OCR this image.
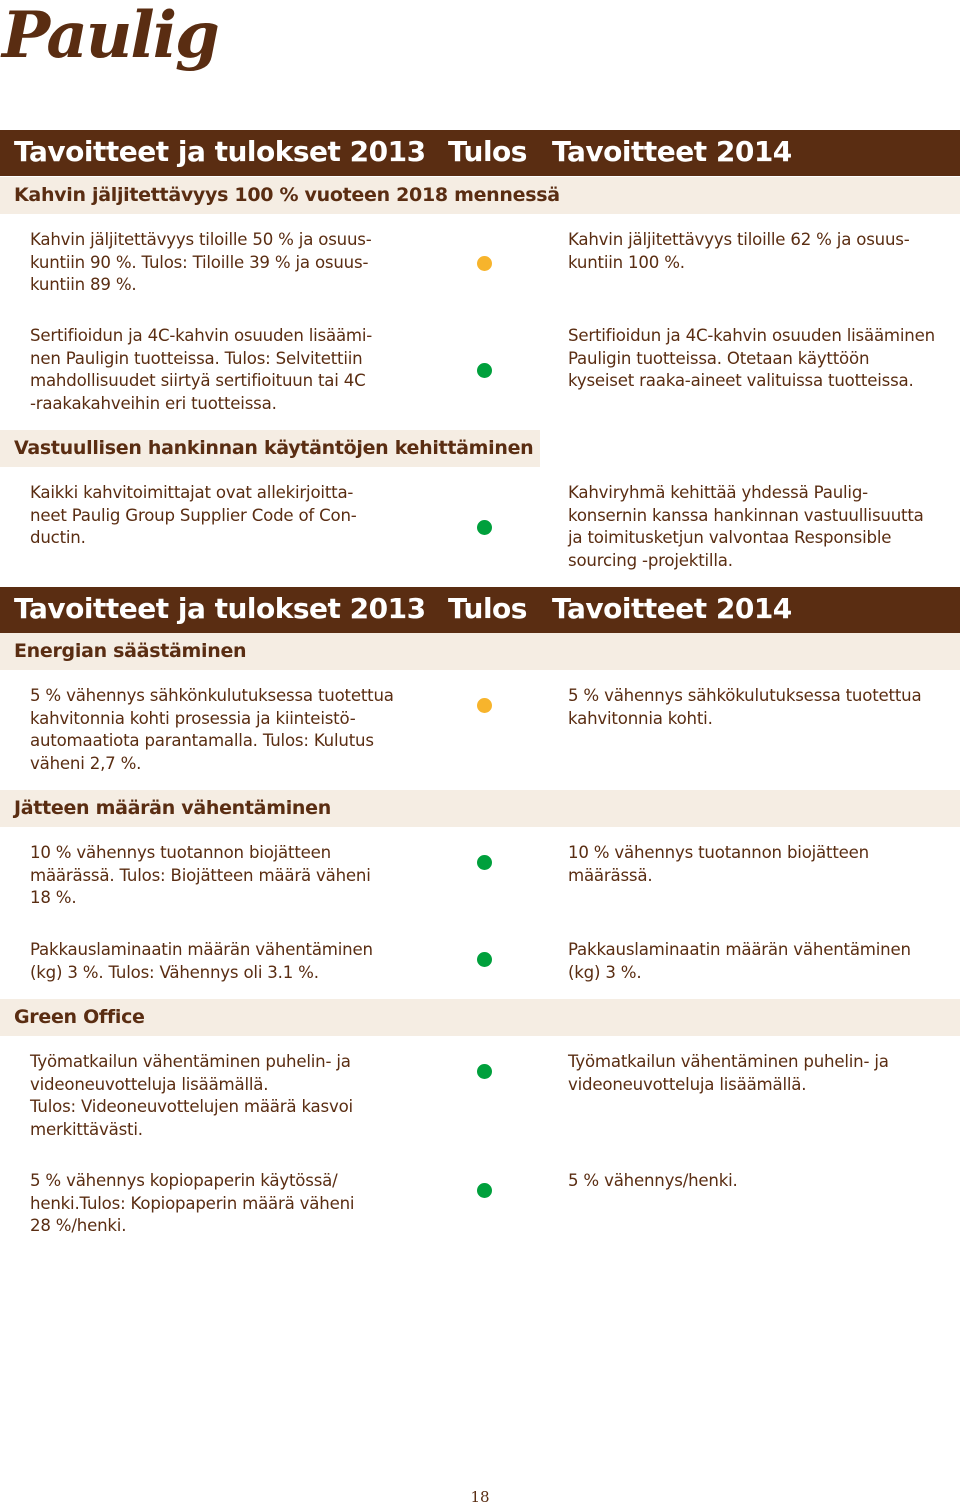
Paulig
Tavoitteet ja tulokset 2013 Tulos Tavoitteet 2014
Kahvin jäljitettävyys 100 % vuoteen 2018 mennessä
Kahvin jäljitettävyys tiloille 50 % ja osuus-
kuntiin 90 %. Tulos: Tiloille 39 % ja osuus-
kuntiin 89 %.
Kahvin jäljitettävyys tiloille 62 % ja osuus-
kuntiin 100 %.
Sertifioidun ja 4C-kahvin osuuden lisäämi-
nen Pauligin tuotteissa. Tulos: Selvitettiin
mahdollisuudet siirtyä sertifioituun tai 4C
-raakakahveihin eri tuotteissa.
Sertifioidun ja 4C-kahvin osuuden lisääminen
Pauligin tuotteissa. Otetaan käyttöön
kyseiset raaka-aineet valituissa tuotteissa.
Vastuullisen hankinnan käytäntöjen kehittäminen
Kaikki kahvitoimittajat ovat allekirjoitta-
neet Paulig Group Supplier Code of Con-
ductin.
Kahviryhmä kehittää yhdessä Paulig-
konsernin kanssa hankinnan vastuullisuutta
ja toimitusketjun valvontaa Responsible
sourcing -projektilla.
Tavoitteet ja tulokset 2013 Tulos Tavoitteet 2014
Energian säästäminen
5 % vähennys sähkönkulutuksessa tuotettua
kahvitonnia kohti prosessia ja kiinteistö-
automaatiota parantamalla. Tulos: Kulutus
väheni 2,7 %.
5 % vähennys sähkökulutuksessa tuotettua
kahvitonnia kohti.
Jätteen määrän vähentäminen
10 % vähennys tuotannon biojätteen
määrässä. Tulos: Biojätteen määrä väheni
18 %.
10 % vähennys tuotannon biojätteen
määrässä.
Pakkauslaminaatin määrän vähentäminen
(kg) 3 %. Tulos: Vähennys oli 3.1 %.
Pakkauslaminaatin määrän vähentäminen
(kg) 3 %.
Green Office
Työmatkailun vähentäminen puhelin- ja
videoneuvotteluja lisäämällä.
Tulos: Videoneuvottelujen määrä kasvoi
merkittävästi.
Työmatkailun vähentäminen puhelin- ja
videoneuvotteluja lisäämällä.
5 % vähennys kopiopaperin käytössä/
henki.Tulos: Kopiopaperin määrä väheni
28 %/henki.
5 % vähennys/henki.
18
